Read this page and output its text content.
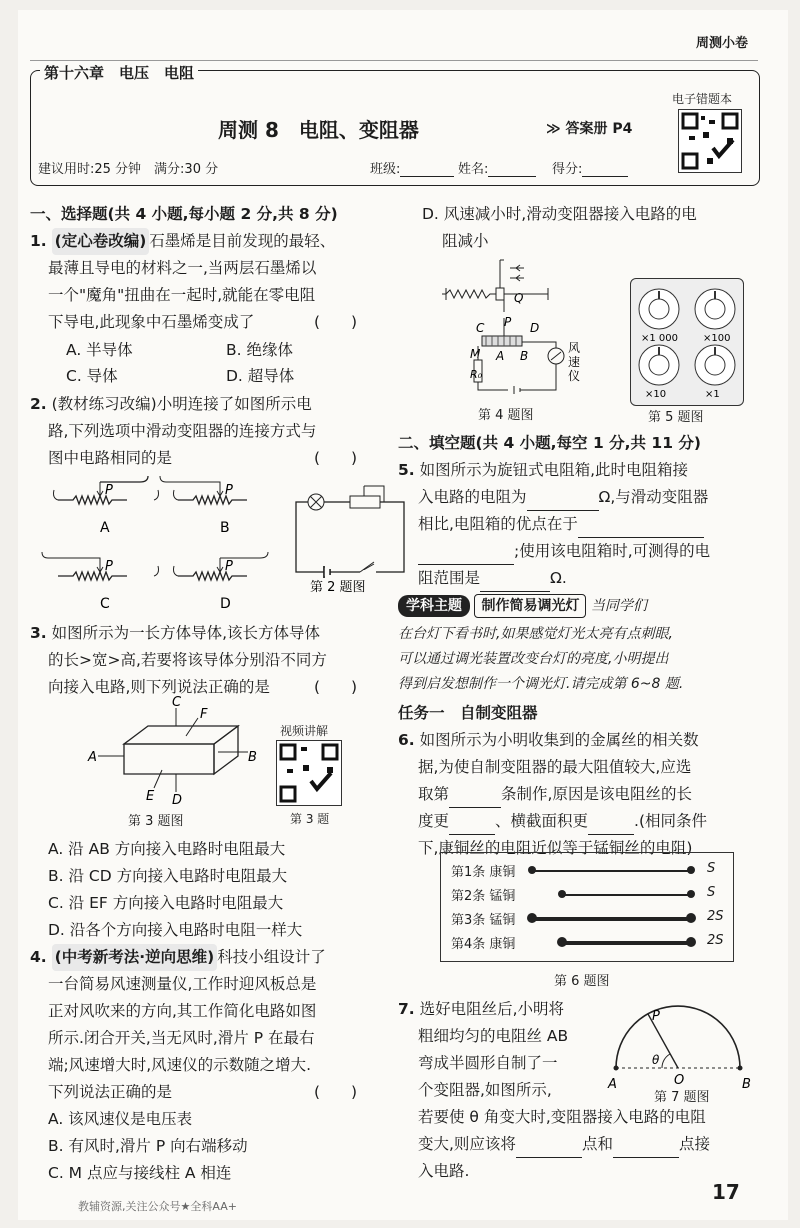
周测小卷
第十六章　电压　电阻
周测 8　电阻、变阻器	≫ 答案册 P4
电子错题本
建议用时:25 分钟　满分:30 分	班级:	姓名:	得分:
一、选择题(共 4 小题,每小题 2 分,共 8 分)
1. (定心卷改编) 石墨烯是目前发现的最轻、
最薄且导电的材料之一,当两层石墨烯以
一个"魔角"扭曲在一起时,就能在零电阻
下导电,此现象中石墨烯变成了	(　　)
A. 半导体	B. 绝缘体
C. 导体	D. 超导体
2. (教材练习改编)小明连接了如图所示电
路,下列选项中滑动变阻器的连接方式与
图中电路相同的是	(　　)
P
A
P
B
P
C
P
D
第 2 题图
3. 如图所示为一长方体导体,该长方体导体
的长>宽>高,若要将该导体分别沿不同方
向接入电路,则下列说法正确的是	(　　)
A	B
C
D
E
F
第 3 题图
视频讲解
第 3 题
A. 沿 AB 方向接入电路时电阻最大
B. 沿 CD 方向接入电路时电阻最大
C. 沿 EF 方向接入电路时电阻最大
D. 沿各个方向接入电路时电阻一样大
4. (中考新考法·逆向思维) 科技小组设计了
一台简易风速测量仪,工作时迎风板总是
正对风吹来的方向,其工作简化电路如图
所示.闭合开关,当无风时,滑片 P 在最右
端;风速增大时,风速仪的示数随之增大.
下列说法正确的是	(　　)
A. 该风速仪是电压表
B. 有风时,滑片 P 向右端移动
C. M 点应与接线柱 A 相连
D. 风速减小时,滑动变阻器接入电路的电
阻减小
Q
P
C	D
A B
M
R₀
风速仪
第 4 题图
×1 000 ×100
×10	×1
第 5 题图
二、填空题(共 4 小题,每空 1 分,共 11 分)
5. 如图所示为旋钮式电阻箱,此时电阻箱接
入电路的电阻为	Ω,与滑动变阻器
相比,电阻箱的优点在于
;使用该电阻箱时,可测得的电
阻范围是	Ω.
学科主题 制作简易调光灯 当同学们
在台灯下看书时,如果感觉灯光太亮有点刺眼,
可以通过调光装置改变台灯的亮度,小明提出
得到启发想制作一个调光灯.请完成第 6~8 题.
任务一　自制变阻器
6. 如图所示为小明收集到的金属丝的相关数
据,为使自制变阻器的最大阻值较大,应选
取第	条制作,原因是该电阻丝的长
度更	、横截面积更	.(相同条件
下,康铜丝的电阻近似等于锰铜丝的电阻)
第1条 康铜	S
第2条 锰铜	S
第3条 锰铜	2S
第4条 康铜	2S
第 6 题图
7. 选好电阻丝后,小明将
粗细均匀的电阻丝 AB
弯成半圆形自制了一
个变阻器,如图所示,	A	O	B
P
θ
第 7 题图
若要使 θ 角变大时,变阻器接入电路的电阻
变大,则应该将	点和	点接
入电路.
教辅资源,关注公众号★全科AA+
17
